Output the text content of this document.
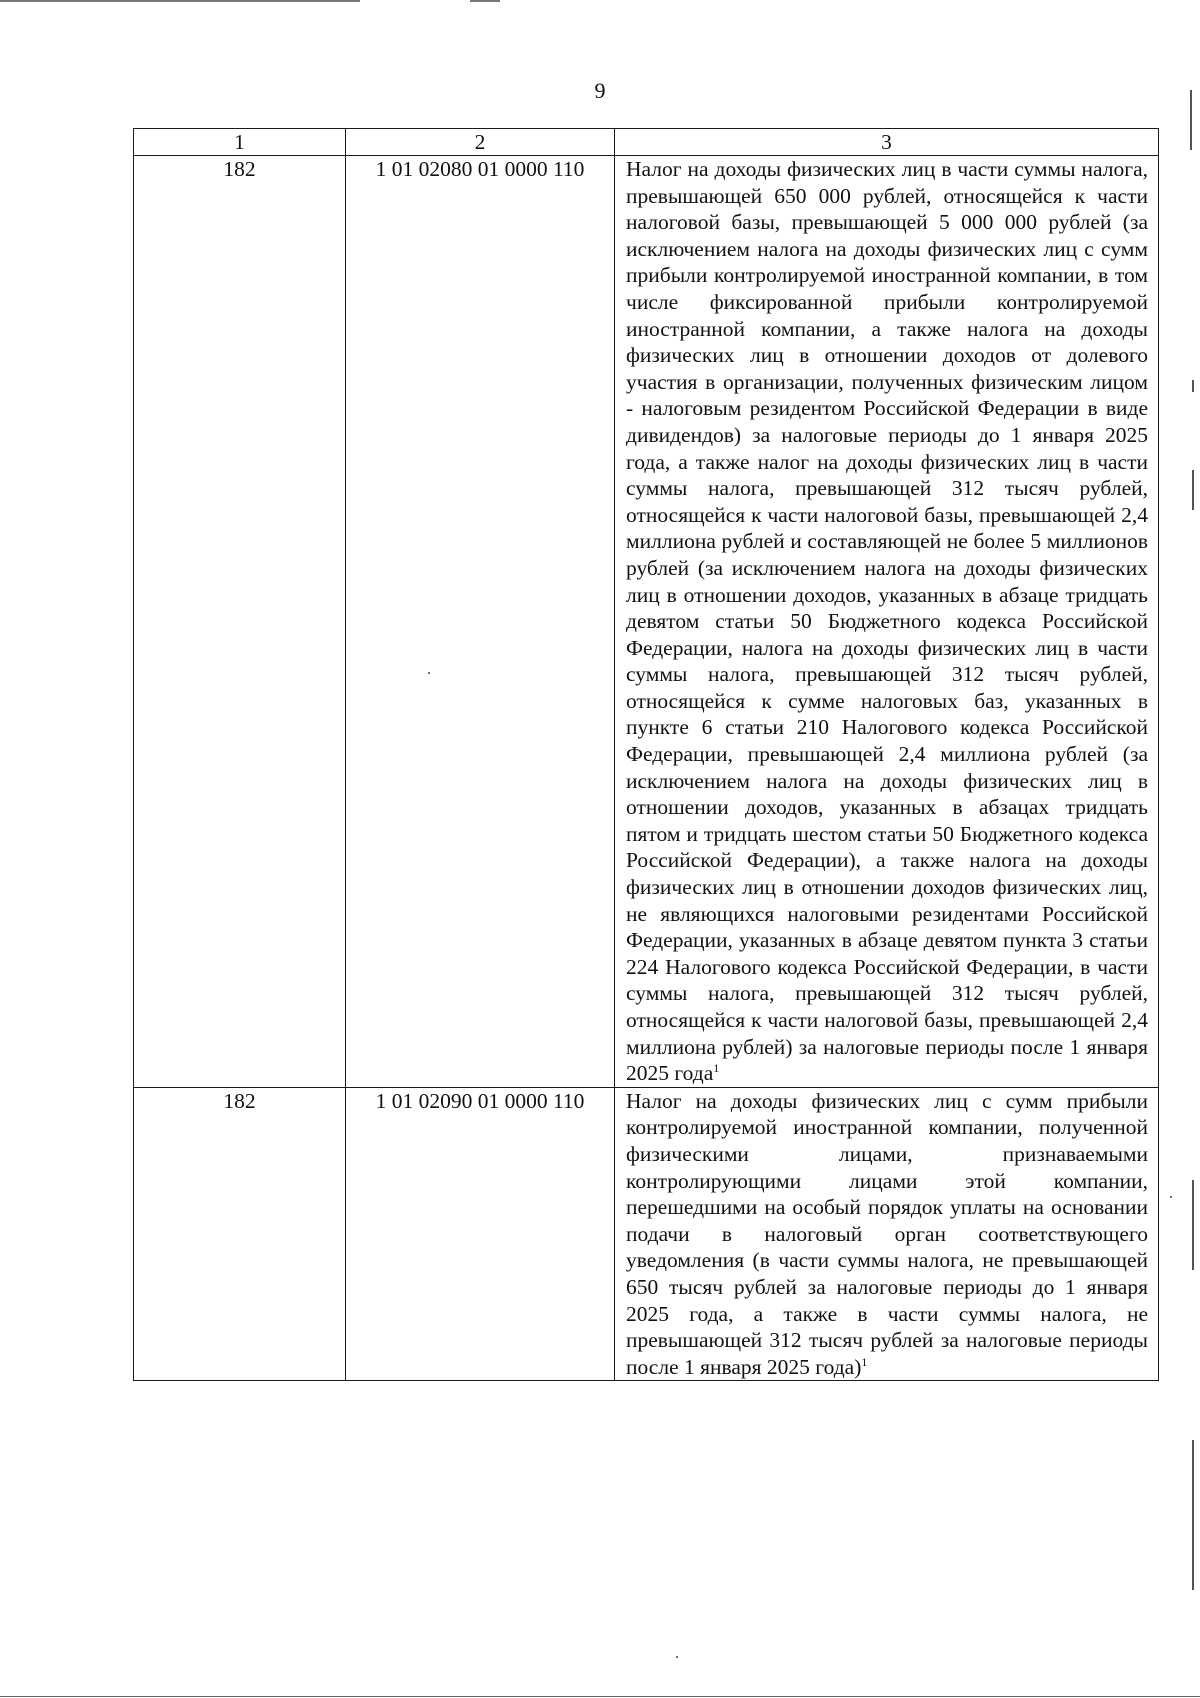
9
1	2	3
182	1 01 02080 01 0000 110	Налог на доходы физических лиц в части суммы налога, превышающей 650 000 рублей, относящейся к части налоговой базы, превышающей 5 000 000 рублей (за исключением налога на доходы физических лиц с сумм прибыли контролируемой иностранной компании, в том числе фиксированной прибыли контролируемой иностранной компании, а также налога на доходы физических лиц в отношении доходов от долевого участия в организации, полученных физическим лицом - налоговым резидентом Российской Федерации в виде дивидендов) за налоговые периоды до 1 января 2025 года, а также налог на доходы физических лиц в части суммы налога, превышающей 312 тысяч рублей, относящейся к части налоговой базы, превышающей 2,4 миллиона рублей и составляющей не более 5 миллионов рублей (за исключением налога на доходы физических лиц в отношении доходов, указанных в абзаце тридцать девятом статьи 50 Бюджетного кодекса Российской Федерации, налога на доходы физических лиц в части суммы налога, превышающей 312 тысяч рублей, относящейся к сумме налоговых баз, указанных в пункте 6 статьи 210 Налогового кодекса Российской Федерации, превышающей 2,4 миллиона рублей (за исключением налога на доходы физических лиц в отношении доходов, указанных в абзацах тридцать пятом и тридцать шестом статьи 50 Бюджетного кодекса Российской Федерации), а также налога на доходы физических лиц в отношении доходов физических лиц, не являющихся налоговыми резидентами Российской Федерации, указанных в абзаце девятом пункта 3 статьи 224 Налогового кодекса Российской Федерации, в части суммы налога, превышающей 312 тысяч рублей, относящейся к части налоговой базы, превышающей 2,4 миллиона рублей) за налоговые периоды после 1 января 2025 года$^1$
182	1 01 02090 01 0000 110	Налог на доходы физических лиц с сумм прибыли контролируемой иностранной компании, полученной физическими лицами, признаваемыми контролирующими лицами этой компании, перешедшими на особый порядок уплаты на основании подачи в налоговый орган соответствующего уведомления (в части суммы налога, не превышающей 650 тысяч рублей за налоговые периоды до 1 января 2025 года, а также в части суммы налога, не превышающей 312 тысяч рублей за налоговые периоды после 1 января 2025 года)$^1$
